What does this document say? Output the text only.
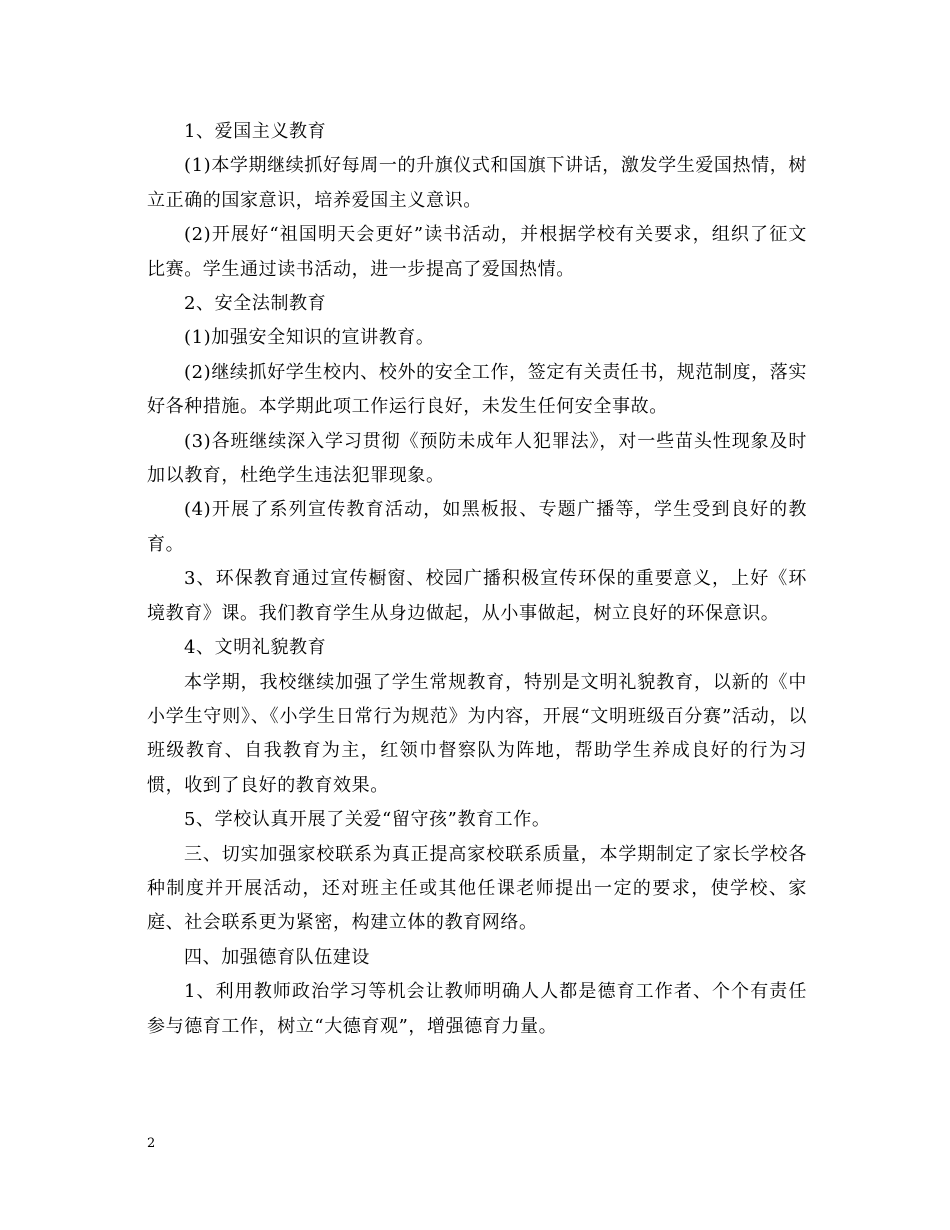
1、爱国主义教育

(1)本学期继续抓好每周一的升旗仪式和国旗下讲话，激发学生爱国热情，树立正确的国家意识，培养爱国主义意识。

(2)开展好“祖国明天会更好”读书活动，并根据学校有关要求，组织了征文比赛。学生通过读书活动，进一步提高了爱国热情。

2、安全法制教育

(1)加强安全知识的宣讲教育。

(2)继续抓好学生校内、校外的安全工作，签定有关责任书，规范制度，落实好各种措施。本学期此项工作运行良好，未发生任何安全事故。

(3)各班继续深入学习贯彻《预防未成年人犯罪法》，对一些苗头性现象及时加以教育，杜绝学生违法犯罪现象。

(4)开展了系列宣传教育活动，如黑板报、专题广播等，学生受到良好的教育。

3、环保教育通过宣传橱窗、校园广播积极宣传环保的重要意义，上好《环境教育》课。我们教育学生从身边做起，从小事做起，树立良好的环保意识。

4、文明礼貌教育

本学期，我校继续加强了学生常规教育，特别是文明礼貌教育，以新的《中小学生守则》、《小学生日常行为规范》为内容，开展“文明班级百分赛”活动，以班级教育、自我教育为主，红领巾督察队为阵地，帮助学生养成良好的行为习惯，收到了良好的教育效果。

5、学校认真开展了关爱“留守孩”教育工作。

三、切实加强家校联系为真正提高家校联系质量，本学期制定了家长学校各种制度并开展活动，还对班主任或其他任课老师提出一定的要求，使学校、家庭、社会联系更为紧密，构建立体的教育网络。

四、加强德育队伍建设

1、利用教师政治学习等机会让教师明确人人都是德育工作者、个个有责任参与德育工作，树立“大德育观”，增强德育力量。

2
